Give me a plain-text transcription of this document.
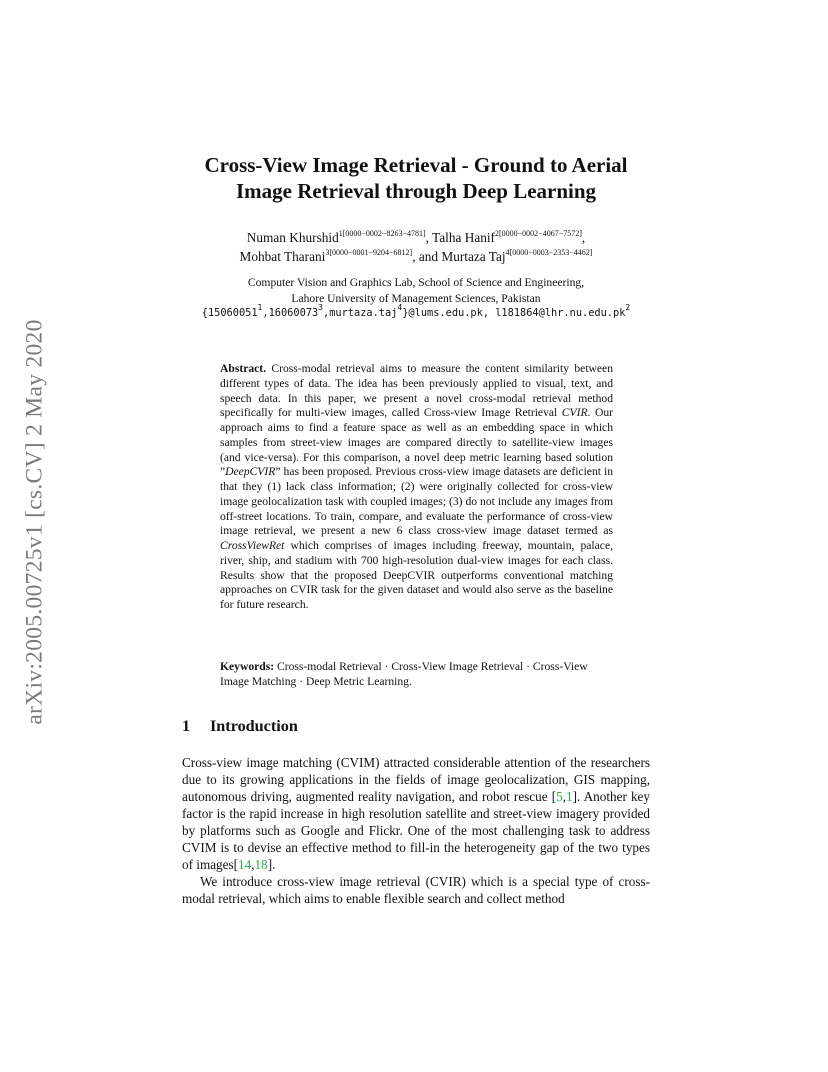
arXiv:2005.00725v1 [cs.CV] 2 May 2020
Cross-View Image Retrieval - Ground to Aerial
Image Retrieval through Deep Learning
Numan Khurshid$^{1[0000-0002-8263-4781]}$, Talha Hanif$^{2[0000-0002-4067-7572]}$,
Mohbat Tharani$^{3[0000-0001-9204-6812]}$, and Murtaza Taj$^{4[0000-0003-2353-4462]}$
Computer Vision and Graphics Lab, School of Science and Engineering,
Lahore University of Management Sciences, Pakistan
{15060051$^1$,16060073$^3$,murtaza.taj$^4$}@lums.edu.pk, $l181864@lhr.nu.edu.pk^2$
Abstract. Cross-modal retrieval aims to measure the content similarity between different types of data. The idea has been previously applied to visual, text, and speech data. In this paper, we present a novel cross-modal retrieval method specifically for multi-view images, called Cross-view Image Retrieval CVIR. Our approach aims to find a feature space as well as an embedding space in which samples from street-view images are compared directly to satellite-view images (and vice-versa). For this comparison, a novel deep metric learning based solution ”DeepCVIR” has been proposed. Previous cross-view image datasets are deficient in that they (1) lack class information; (2) were originally collected for cross-view image geolocalization task with coupled images; (3) do not include any images from off-street locations. To train, compare, and evaluate the performance of cross-view image retrieval, we present a new 6 class cross-view image dataset termed as CrossViewRet which comprises of images including freeway, mountain, palace, river, ship, and stadium with 700 high-resolution dual-view images for each class. Results show that the proposed DeepCVIR outperforms conventional matching approaches on CVIR task for the given dataset and would also serve as the baseline for future research.
Keywords: Cross-modal Retrieval · Cross-View Image Retrieval · Cross-View Image Matching · Deep Metric Learning.
1 Introduction

Cross-view image matching (CVIM) attracted considerable attention of the researchers due to its growing applications in the fields of image geolocalization, GIS mapping, autonomous driving, augmented reality navigation, and robot rescue [5,1]. Another key factor is the rapid increase in high resolution satellite and street-view imagery provided by platforms such as Google and Flickr. One of the most challenging task to address CVIM is to devise an effective method to fill-in the heterogeneity gap of the two types of images[14,18].

We introduce cross-view image retrieval (CVIR) which is a special type of cross-modal retrieval, which aims to enable flexible search and collect method
